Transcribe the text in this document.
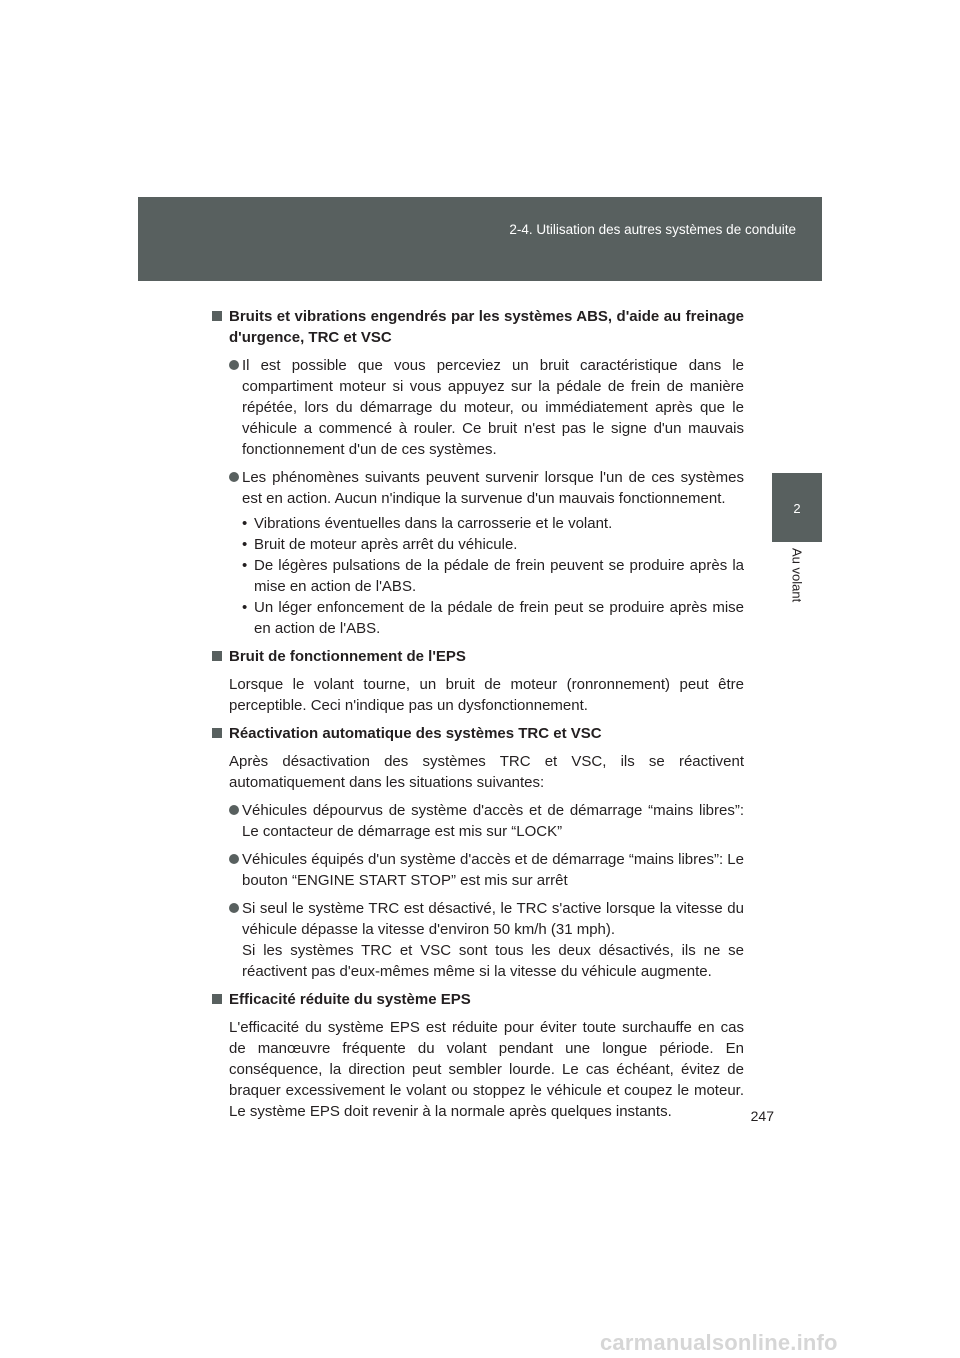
2-4. Utilisation des autres systèmes de conduite
2
Au volant
Bruits et vibrations engendrés par les systèmes ABS, d'aide au freinage d'urgence, TRC et VSC
Il est possible que vous perceviez un bruit caractéristique dans le compartiment moteur si vous appuyez sur la pédale de frein de manière répétée, lors du démarrage du moteur, ou immédiatement après que le véhicule a commencé à rouler. Ce bruit n'est pas le signe d'un mauvais fonctionnement d'un de ces systèmes.
Les phénomènes suivants peuvent survenir lorsque l'un de ces systèmes est en action. Aucun n'indique la survenue d'un mauvais fonctionnement.
• Vibrations éventuelles dans la carrosserie et le volant.
• Bruit de moteur après arrêt du véhicule.
• De légères pulsations de la pédale de frein peuvent se produire après la mise en action de l'ABS.
• Un léger enfoncement de la pédale de frein peut se produire après mise en action de l'ABS.
Bruit de fonctionnement de l'EPS
Lorsque le volant tourne, un bruit de moteur (ronronnement) peut être perceptible. Ceci n'indique pas un dysfonctionnement.
Réactivation automatique des systèmes TRC et VSC
Après désactivation des systèmes TRC et VSC, ils se réactivent automatiquement dans les situations suivantes:
Véhicules dépourvus de système d'accès et de démarrage “mains libres”: Le contacteur de démarrage est mis sur “LOCK”
Véhicules équipés d'un système d'accès et de démarrage “mains libres”: Le bouton “ENGINE START STOP” est mis sur arrêt
Si seul le système TRC est désactivé, le TRC s'active lorsque la vitesse du véhicule dépasse la vitesse d'environ 50 km/h (31 mph).
Si les systèmes TRC et VSC sont tous les deux désactivés, ils ne se réactivent pas d'eux-mêmes même si la vitesse du véhicule augmente.
Efficacité réduite du système EPS
L'efficacité du système EPS est réduite pour éviter toute surchauffe en cas de manœuvre fréquente du volant pendant une longue période. En conséquence, la direction peut sembler lourde. Le cas échéant, évitez de braquer excessivement le volant ou stoppez le véhicule et coupez le moteur. Le système EPS doit revenir à la normale après quelques instants.	247
carmanualsonline.info
